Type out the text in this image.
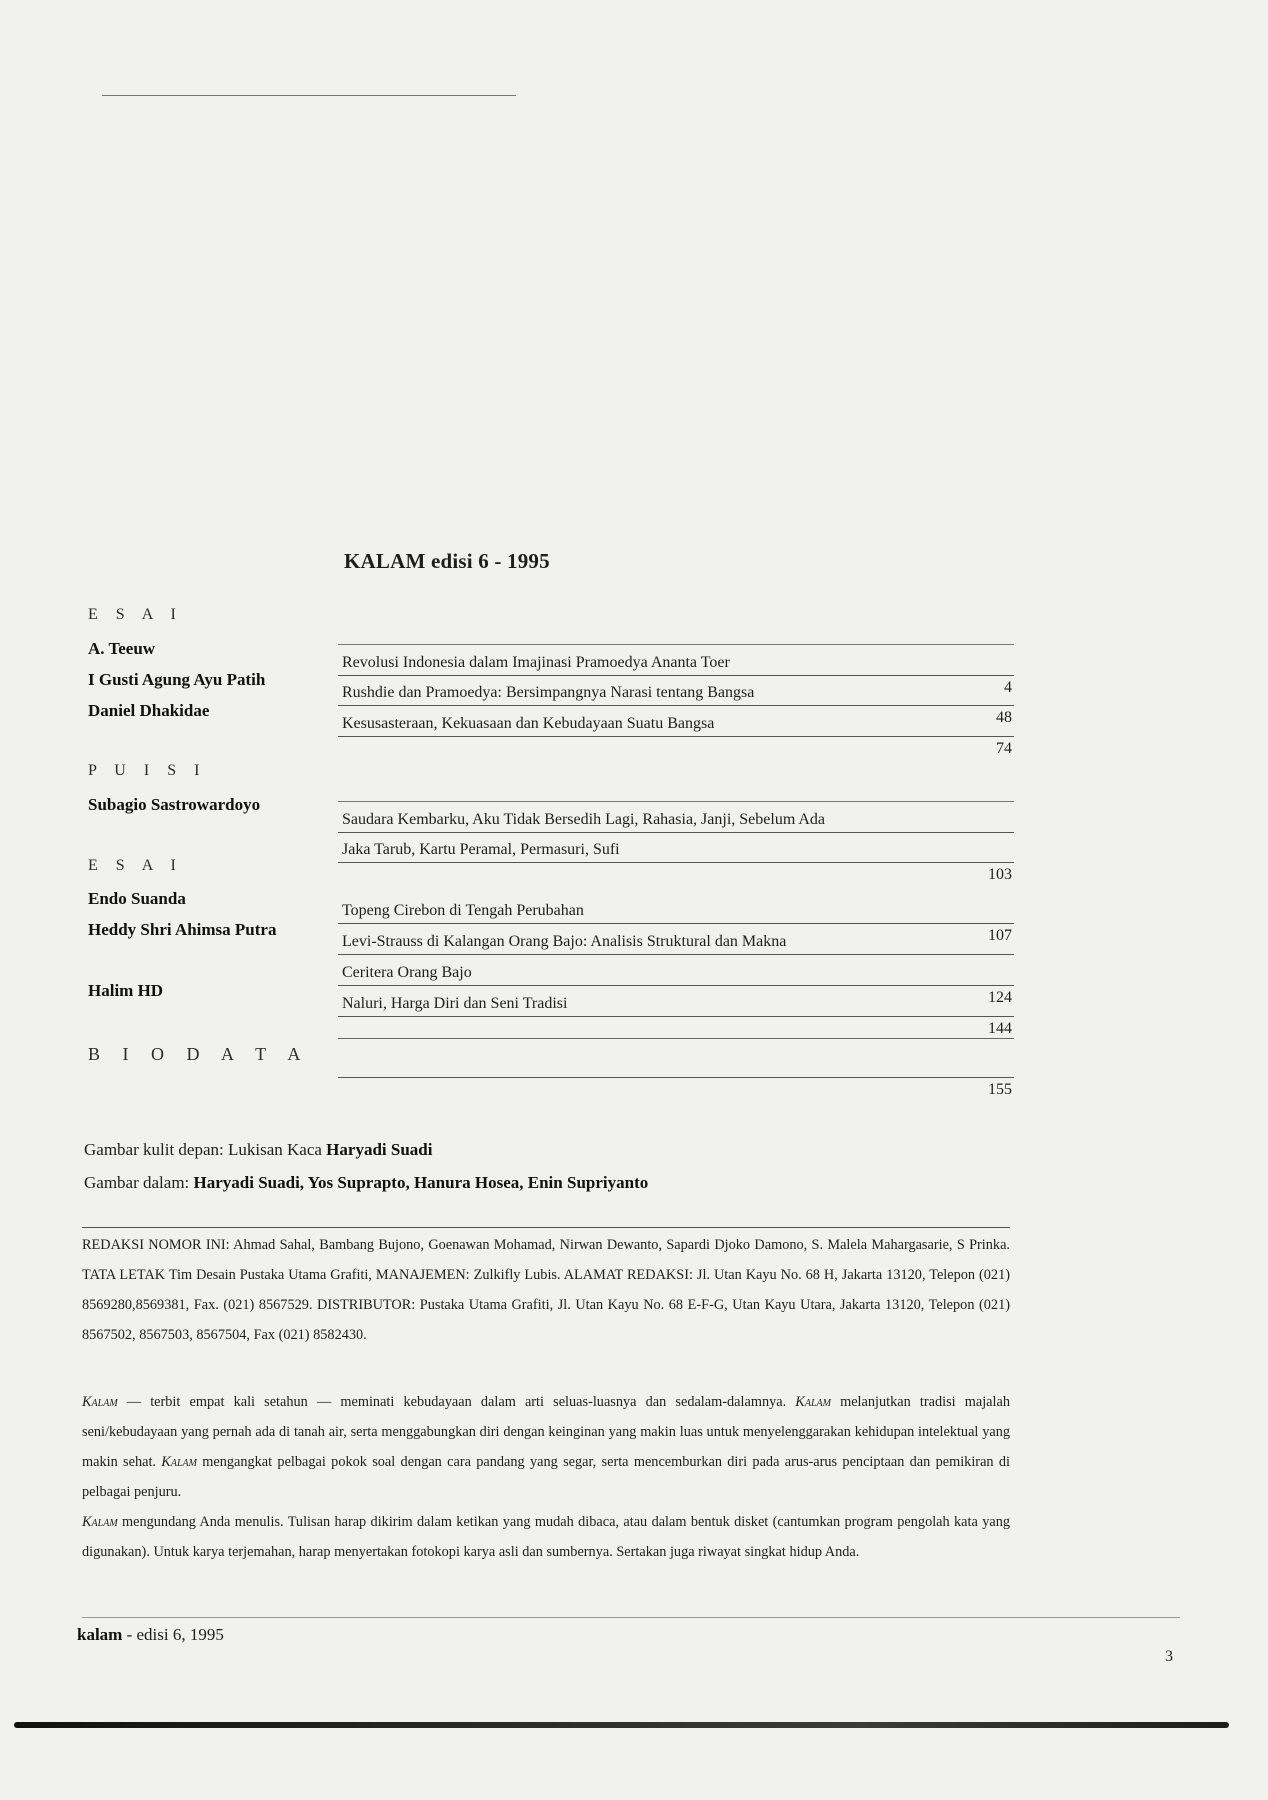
KALAM edisi 6 - 1995
E S A I
P U I S I
E S A I
B I O D A T A
A. Teeuw
I Gusti Agung Ayu Patih
Daniel Dhakidae
Subagio Sastrowardoyo
Endo Suanda
Heddy Shri Ahimsa Putra
Halim HD
Revolusi Indonesia dalam Imajinasi Pramoedya Ananta Toer
4
Rushdie dan Pramoedya: Bersimpangnya Narasi tentang Bangsa
48
Kesusasteraan, Kekuasaan dan Kebudayaan Suatu Bangsa
74
Saudara Kembarku, Aku Tidak Bersedih Lagi, Rahasia, Janji, Sebelum Ada
Jaka Tarub, Kartu Peramal, Permasuri, Sufi
103
Topeng Cirebon di Tengah Perubahan
107
Levi-Strauss di Kalangan Orang Bajo: Analisis Struktural dan Makna
Ceritera Orang Bajo
124
Naluri, Harga Diri dan Seni Tradisi
144
155
Gambar kulit depan: Lukisan Kaca Haryadi Suadi
Gambar dalam: Haryadi Suadi, Yos Suprapto, Hanura Hosea, Enin Supriyanto
REDAKSI NOMOR INI: Ahmad Sahal, Bambang Bujono, Goenawan Mohamad, Nirwan Dewanto, Sapardi Djoko Damono, S. Malela Mahargasarie, S Prinka. TATA LETAK Tim Desain Pustaka Utama Grafiti, MANAJEMEN: Zulkifly Lubis. ALAMAT REDAKSI: Jl. Utan Kayu No. 68 H, Jakarta 13120, Telepon (021) 8569280,8569381, Fax. (021) 8567529. DISTRIBUTOR: Pustaka Utama Grafiti, Jl. Utan Kayu No. 68 E-F-G, Utan Kayu Utara, Jakarta 13120, Telepon (021) 8567502, 8567503, 8567504, Fax (021) 8582430.
Kalam — terbit empat kali setahun — meminati kebudayaan dalam arti seluas-luasnya dan sedalam-dalamnya. Kalam melanjutkan tradisi majalah seni/kebudayaan yang pernah ada di tanah air, serta menggabungkan diri dengan keinginan yang makin luas untuk menyelenggarakan kehidupan intelektual yang makin sehat. Kalam mengangkat pelbagai pokok soal dengan cara pandang yang segar, serta mencemburkan diri pada arus-arus penciptaan dan pemikiran di pelbagai penjuru.
Kalam mengundang Anda menulis. Tulisan harap dikirim dalam ketikan yang mudah dibaca, atau dalam bentuk disket (cantumkan program pengolah kata yang digunakan). Untuk karya terjemahan, harap menyertakan fotokopi karya asli dan sumbernya. Sertakan juga riwayat singkat hidup Anda.
kalam - edisi 6, 1995
3
